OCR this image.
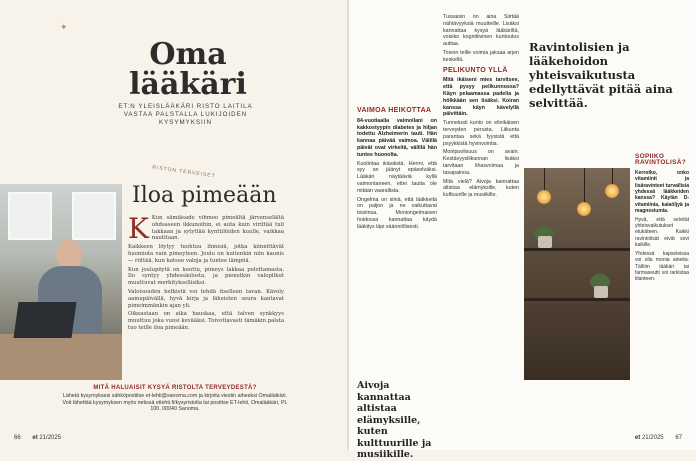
✦
Oma lääkäri
ET:N YLEISLÄÄKÄRI RISTO LAITILA VASTAA PALSTALLA LUKIJOIDEN KYSYMYKSIIN
RISTON TERVEISET
Iloa pimeään

K Kun sämiäsade vihmoo pimeältä järvenselältä ohdsaseen ikkunoihin, ei auta kuin virittää tuli takkaan ja sytyttää kynttilöiden kuulle, vaikkaa nautitaan.

Kaikkeen löytyy tuohtuu ihmisiä, jotka kiinnittävät huomiota vain pimeyteen. Joulu on kuitenkin niin kaunis — riittää, kun katsoo valoja ja tuntee lämpöä.

Kun joulupöytä on koottu, pimeys lakkaa pelottamasta. Ilo syntyy yhdessäolosta, ja pienetkin valopilkut muuttuvat merkityksellisiksi.

Valoisuuden hetkistä voi tehdä itselleen tavan. Kävely aamupäivällä, hyvä kirja ja läheisten seura kantavat pimeimmänkin ajan yli.

Oikeastaan on aika hauskaa, että talven synkkyys muuttuu joka vuosi kevääksi. Toivottavasti tämäkin palsta tuo teille iloa pimeään.

MITÄ HALUAISIT KYSYÄ RISTOLTA TERVEYDESTÄ?
Lähetä kysymyksesi sähköpostitse et-lehti@sanoma.com ja kirjoita viestin aiheeksi Omalääkäri. Voit lähettää kysymyksen myös netissä etlehti.fi/kysyristolta tai postitse ET-lehti, Omalääkäri, PL 100, 00040 Sanoma.
66 et 21/2025
VAIMOA HEIKOTTAA

84-vuotiaalla vaimollani on kakkostyypin diabetes ja hiljan todettu Alzheimerin tauti. Hän kannaa päivää vaimoa. Välillä päivät ovat virkeitä, välillä hän tuntee huonolta.

Kuolintaa ikäväistä. Hermi, että syy on jäänyt epäselväksi. Lääkäri näytääviä kyllä vaimontaneen, ettei tautia ole mitään vaarallista.

Ongelma on siinä, että lääkkeitä on paljon ja ne vaikuttavat toisiinsa. Moniongelmaisen hoidossa kannattaa käydä lääkitys läpi säännöllisesti.

Aivoja kannattaa altistaa elämyksille, kuten kulttuurille ja musiikille.

Tussaisin on aina Siirtää nähtävyyksiä muutteille. Lisäksi kannattaa kysyä lääkäriltä, voisiko kognitiivinen kuntoutus auttaa.

Toivon teille voimia jaksaa arjen keskellä.

PELIKUNTO YLLÄ

Mitä ikäiseni mies tarvitsee, että pysyy pelikunnossa? Käyn pelaamassa padelia ja hölkkään sen lisäksi. Koiran kanssa käyn kävelyllä päivittäin.

Tunnetusti kunto on elinikäisen terveyden perusta. Liikunta parantaa sekä fyysistä että psyykkistä hyvinvointia.

Monipuolisuus on avain. Kestävyysliikunnan lisäksi tarvitaan lihasvoimaa ja tasapainoa.

Mitä vielä? Aivoja kannattaa altistaa elämyksille, kuten kulttuurille ja musiikille.

Ravintolisien ja lääkehoidon yhteisvaikutusta edellyttävät pitää aina selvittää.
SOPIIKO RAVINTOLISÄ?

Kerrotko, onko vitamiinit ja lisäravinteet turvallisia yhdessä lääkkeiden kanssa? Käytän D-vitamiinia, kalaöljyä ja magnesiumia.

Hyvä, että selvität yhteisvaikutukset etukäteen. Kaikki ravintolisät eivät sovi kaikille.

Yhdessä kapseleissa voi olla monia aineita. Tällöin lääkäri tai farmaseutti voi tarkistaa tilanteen.

et 21/2025 67
